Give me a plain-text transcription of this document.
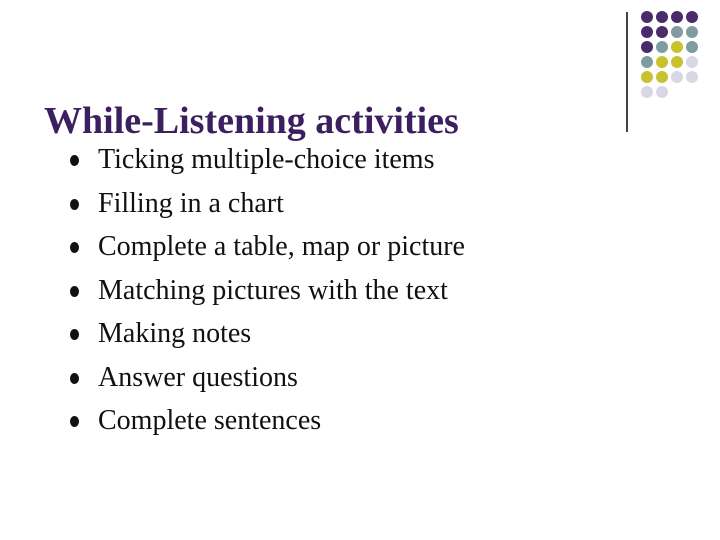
While-Listening activities
Ticking multiple-choice items
Filling in a chart
Complete a table, map or picture
Matching pictures with the text
Making notes
Answer questions
Complete sentences
